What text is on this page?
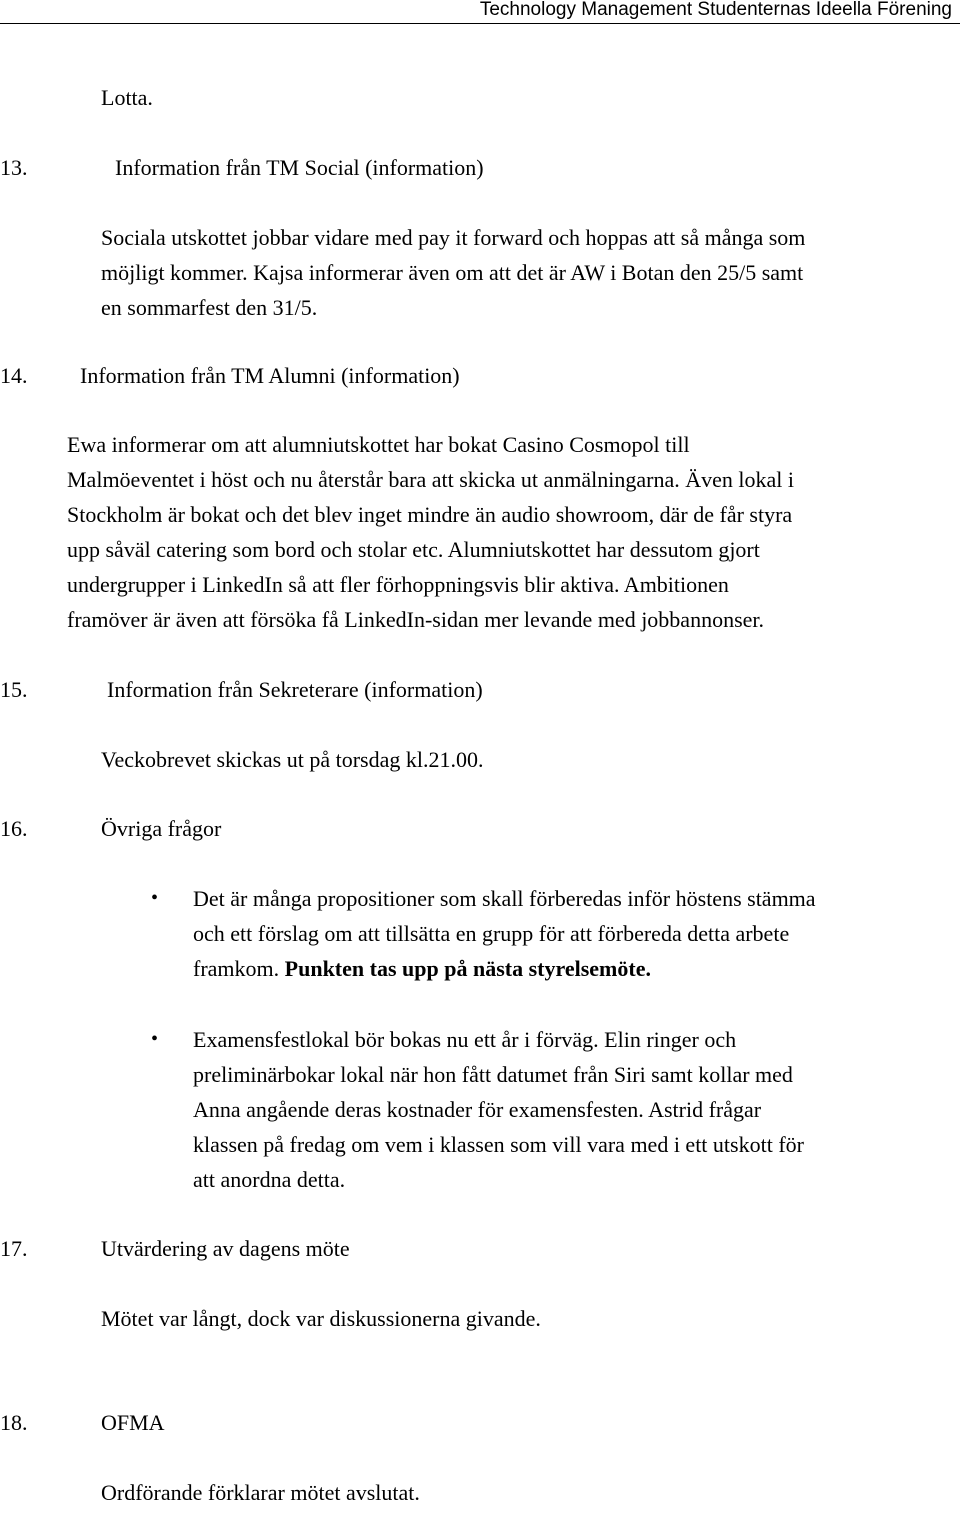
Technology Management Studenternas Ideella Förening
Lotta.
13.	Information från TM Social (information)
Sociala utskottet jobbar vidare med pay it forward och hoppas att så många som
möjligt kommer. Kajsa informerar även om att det är AW i Botan den 25/5 samt
en sommarfest den 31/5.
14. Information från TM Alumni (information)
Ewa informerar om att alumniutskottet har bokat Casino Cosmopol till
Malmöeventet i höst och nu återstår bara att skicka ut anmälningarna. Även lokal i
Stockholm är bokat och det blev inget mindre än audio showroom, där de får styra
upp såväl catering som bord och stolar etc. Alumniutskottet har dessutom gjort
undergrupper i LinkedIn så att fler förhoppningsvis blir aktiva. Ambitionen
framöver är även att försöka få LinkedIn-sidan mer levande med jobbannonser.
15.	Information från Sekreterare (information)
Veckobrevet skickas ut på torsdag kl.21.00.
16.	Övriga frågor
• Det är många propositioner som skall förberedas inför höstens stämma
och ett förslag om att tillsätta en grupp för att förbereda detta arbete
framkom. Punkten tas upp på nästa styrelsemöte.
• Examensfestlokal bör bokas nu ett år i förväg. Elin ringer och
preliminärbokar lokal när hon fått datumet från Siri samt kollar med
Anna angående deras kostnader för examensfesten. Astrid frågar
klassen på fredag om vem i klassen som vill vara med i ett utskott för
att anordna detta.
17.	Utvärdering av dagens möte
Mötet var långt, dock var diskussionerna givande.
18.	OFMA
Ordförande förklarar mötet avslutat.
